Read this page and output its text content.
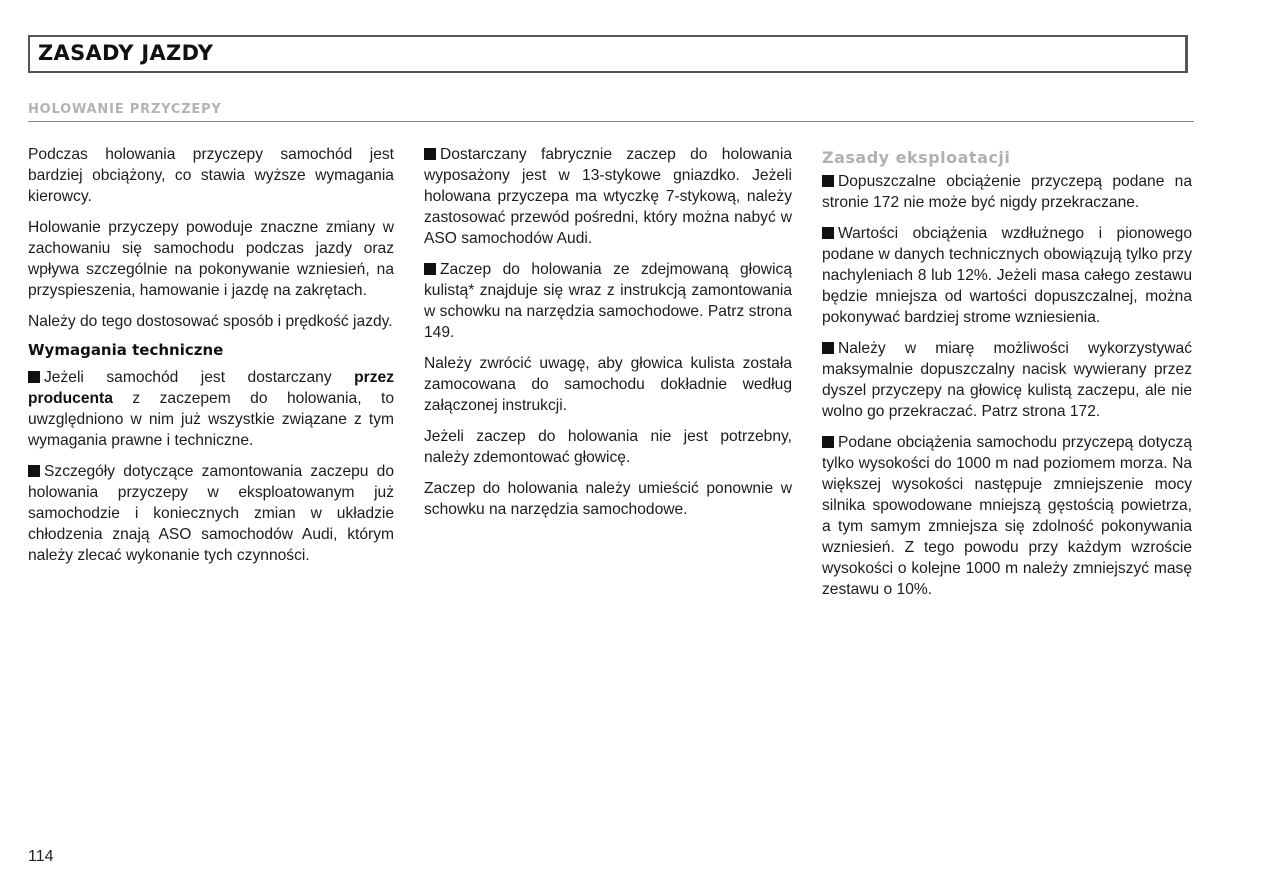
ZASADY JAZDY
HOLOWANIE PRZYCZEPY

Podczas holowania przyczepy samochód jest bardziej obciążony, co stawia wyższe wymagania kierowcy.

Holowanie przyczepy powoduje znaczne zmiany w zachowaniu się samochodu podczas jazdy oraz wpływa szczególnie na pokonywanie wzniesień, na przyspieszenia, hamowanie i jazdę na zakrętach.

Należy do tego dostosować sposób i prędkość jazdy.

Wymagania techniczne

Jeżeli samochód jest dostarczany przez producenta z zaczepem do holowania, to uwzględniono w nim już wszystkie związane z tym wymagania prawne i techniczne.

Szczegóły dotyczące zamontowania zaczepu do holowania przyczepy w eksploatowanym już samochodzie i koniecznych zmian w układzie chłodzenia znają ASO samochodów Audi, którym należy zlecać wykonanie tych czynności.

Dostarczany fabrycznie zaczep do holowania wyposażony jest w 13-stykowe gniazdko. Jeżeli holowana przyczepa ma wtyczkę 7-stykową, należy zastosować przewód pośredni, który można nabyć w ASO samochodów Audi.

Zaczep do holowania ze zdejmowaną głowicą kulistą* znajduje się wraz z instrukcją zamontowania w schowku na narzędzia samochodowe. Patrz strona 149.

Należy zwrócić uwagę, aby głowica kulista została zamocowana do samochodu dokładnie według załączonej instrukcji.

Jeżeli zaczep do holowania nie jest potrzebny, należy zdemontować głowicę.

Zaczep do holowania należy umieścić ponownie w schowku na narzędzia samochodowe.

Zasady eksploatacji

Dopuszczalne obciążenie przyczepą podane na stronie 172 nie może być nigdy przekraczane.

Wartości obciążenia wzdłużnego i pionowego podane w danych technicznych obowiązują tylko przy nachyleniach 8 lub 12%. Jeżeli masa całego zestawu będzie mniejsza od wartości dopuszczalnej, można pokonywać bardziej strome wzniesienia.

Należy w miarę możliwości wykorzystywać maksymalnie dopuszczalny nacisk wywierany przez dyszel przyczepy na głowicę kulistą zaczepu, ale nie wolno go przekraczać. Patrz strona 172.

Podane obciążenia samochodu przyczepą dotyczą tylko wysokości do 1000 m nad poziomem morza. Na większej wysokości następuje zmniejszenie mocy silnika spowodowane mniejszą gęstością powietrza, a tym samym zmniejsza się zdolność pokonywania wzniesień. Z tego powodu przy każdym wzroście wysokości o kolejne 1000 m należy zmniejszyć masę zestawu o 10%.

114
